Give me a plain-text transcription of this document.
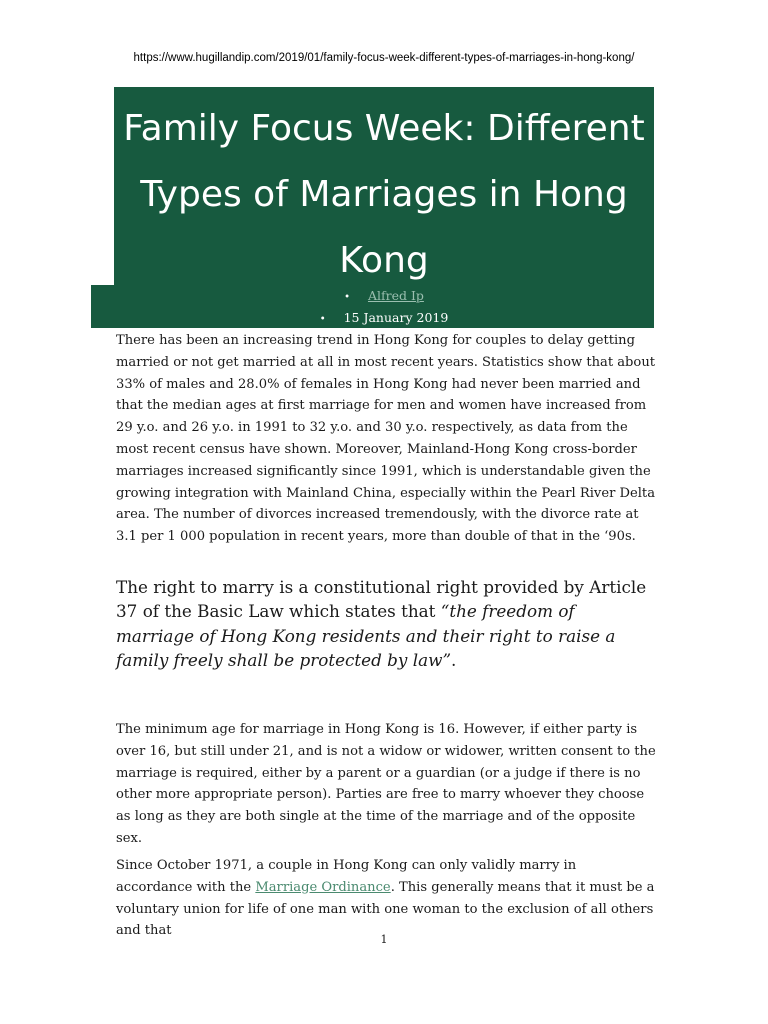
https://www.hugillandip.com/2019/01/family-focus-week-different-types-of-marriages-in-hong-kong/
Family Focus Week: Different Types of Marriages in Hong Kong
• Alfred Ip
• 15 January 2019

There has been an increasing trend in Hong Kong for couples to delay getting married or not get married at all in most recent years. Statistics show that about 33% of males and 28.0% of females in Hong Kong had never been married and that the median ages at first marriage for men and women have increased from 29 y.o. and 26 y.o. in 1991 to 32 y.o. and 30 y.o. respectively, as data from the most recent census have shown. Moreover, Mainland-Hong Kong cross-border marriages increased significantly since 1991, which is understandable given the growing integration with Mainland China, especially within the Pearl River Delta area. The number of divorces increased tremendously, with the divorce rate at 3.1 per 1 000 population in recent years, more than double of that in the ‘90s.

The right to marry is a constitutional right provided by Article 37 of the Basic Law which states that “the freedom of marriage of Hong Kong residents and their right to raise a family freely shall be protected by law”.

The minimum age for marriage in Hong Kong is 16. However, if either party is over 16, but still under 21, and is not a widow or widower, written consent to the marriage is required, either by a parent or a guardian (or a judge if there is no other more appropriate person). Parties are free to marry whoever they choose as long as they are both single at the time of the marriage and of the opposite sex.

Since October 1971, a couple in Hong Kong can only validly marry in accordance with the Marriage Ordinance. This generally means that it must be a voluntary union for life of one man with one woman to the exclusion of all others and that

1
